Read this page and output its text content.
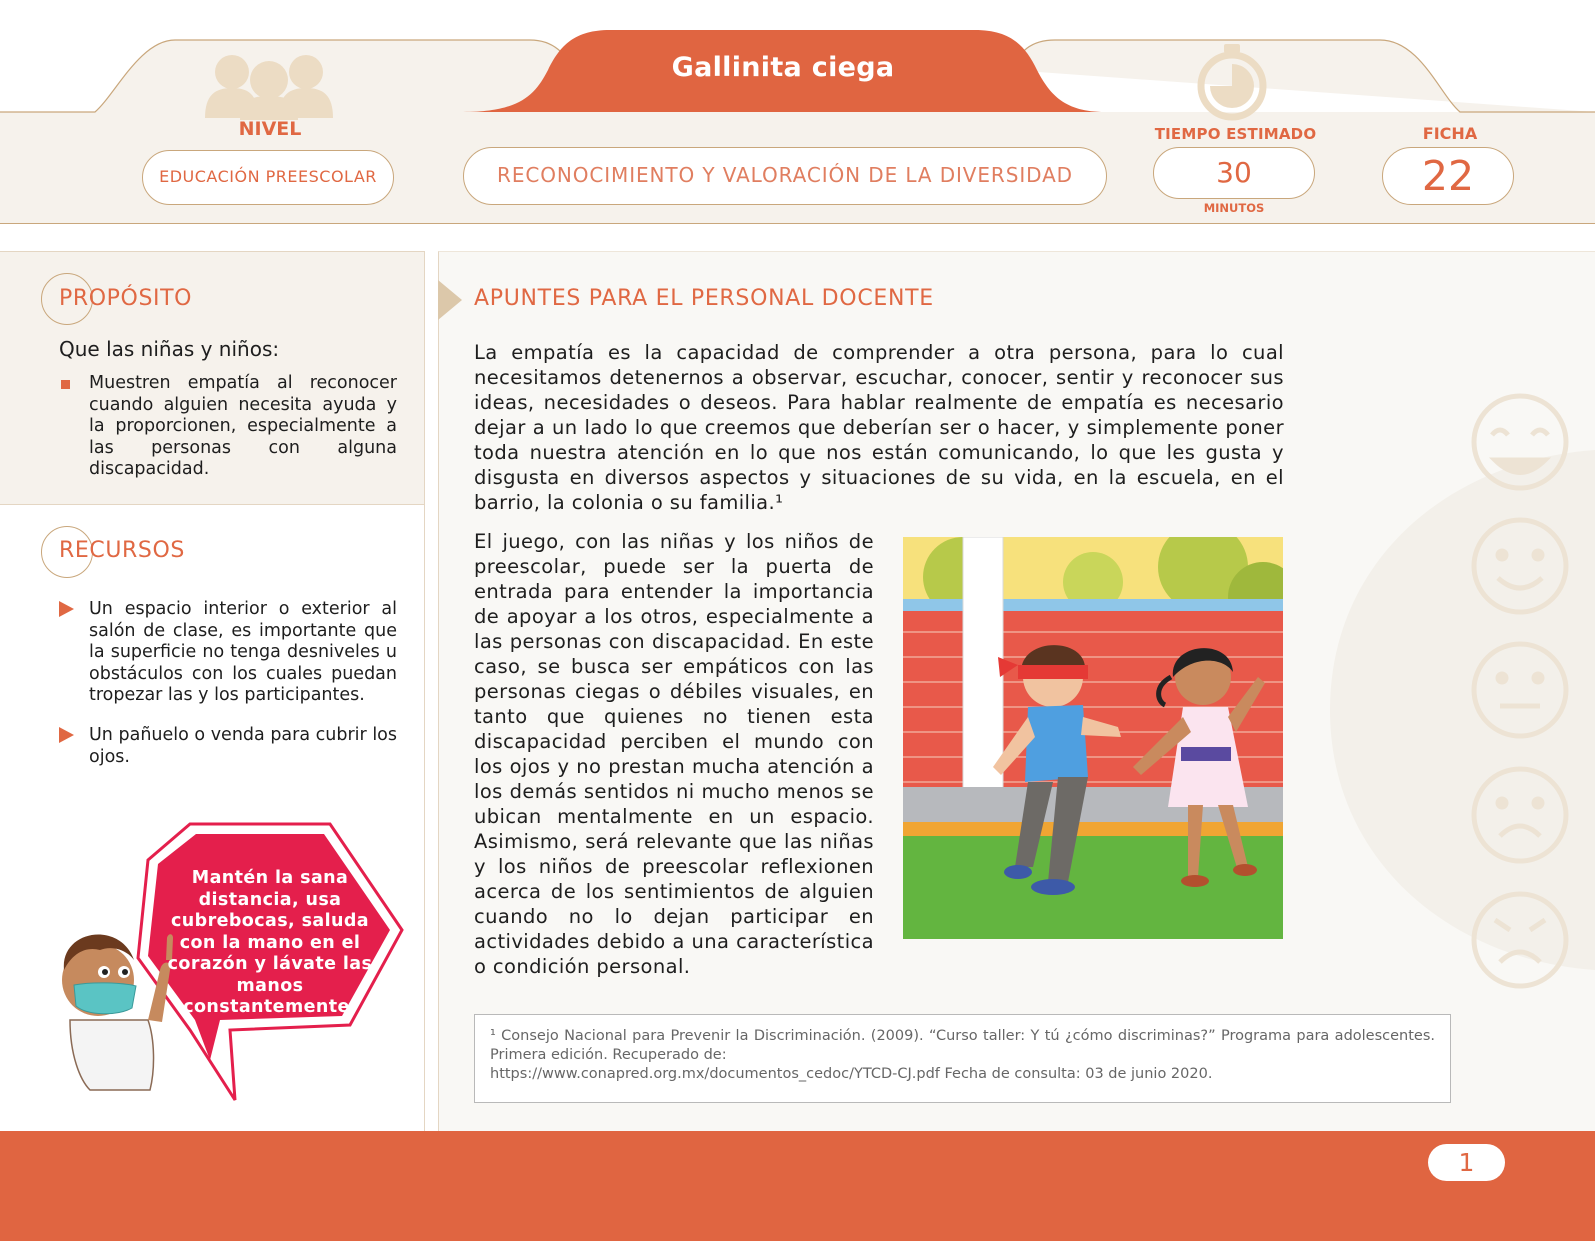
Gallinita ciega
NIVEL
EDUCACIÓN PREESCOLAR	RECONOCIMIENTO Y VALORACIÓN DE LA DIVERSIDAD
TIEMPO ESTIMADO
30
MINUTOS
FICHA
22
PROPÓSITO
Que las niñas y niños:
Muestren empatía al reconocer cuando alguien necesita ayuda y la proporcionen, especialmente a las personas con alguna discapacidad.
RECURSOS
Un espacio interior o exterior al salón de clase, es importante que la superficie no tenga desniveles u obstáculos con los cuales puedan tropezar las y los participantes.
Un pañuelo o venda para cubrir los ojos.
Mantén la sana distancia, usa cubrebocas, saluda con la mano en el corazón y lávate las manos constantemente.
APUNTES PARA EL PERSONAL DOCENTE
La empatía es la capacidad de comprender a otra persona, para lo cual necesitamos detenernos a observar, escuchar, conocer, sentir y reconocer sus ideas, necesidades o deseos. Para hablar realmente de empatía es necesario dejar a un lado lo que creemos que deberían ser o hacer, y simplemente poner toda nuestra atención en lo que nos están comunicando, lo que les gusta y disgusta en diversos aspectos y situaciones de su vida, en la escuela, en el barrio, la colonia o su familia.¹
El juego, con las niñas y los niños de preescolar, puede ser la puerta de entrada para entender la importancia de apoyar a los otros, especialmente a las personas con discapacidad. En este caso, se busca ser empáticos con las personas ciegas o débiles visuales, en tanto que quienes no tienen esta discapacidad perciben el mundo con los ojos y no prestan mucha atención a los demás sentidos ni mucho menos se ubican mentalmente en un espacio. Asimismo, será relevante que las niñas y los niños de preescolar reflexionen acerca de los sentimientos de alguien cuando no lo dejan participar en actividades debido a una característica o condición personal.
¹ Consejo Nacional para Prevenir la Discriminación. (2009). “Curso taller: Y tú ¿cómo discriminas?” Programa para adolescentes. Primera edición. Recuperado de:
https://www.conapred.org.mx/documentos_cedoc/YTCD-CJ.pdf Fecha de consulta: 03 de junio 2020.
1
